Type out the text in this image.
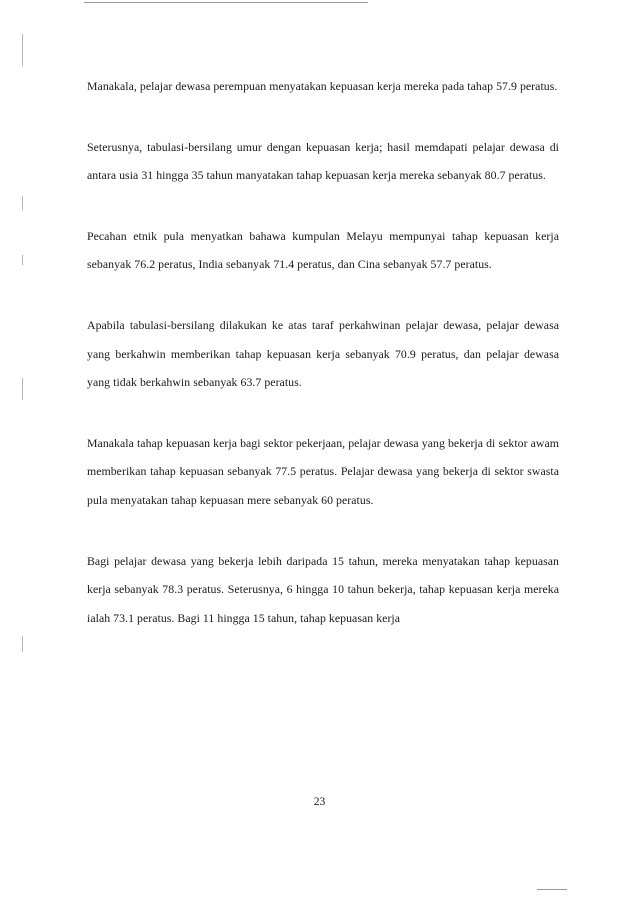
Manakala, pelajar dewasa perempuan menyatakan kepuasan kerja mereka pada tahap 57.9 peratus.

Seterusnya, tabulasi-bersilang umur dengan kepuasan kerja; hasil memdapati pelajar dewasa di antara usia 31 hingga 35 tahun manyatakan tahap kepuasan kerja mereka sebanyak 80.7 peratus.

Pecahan etnik pula menyatkan bahawa kumpulan Melayu mempunyai tahap kepuasan kerja sebanyak 76.2 peratus, India sebanyak 71.4 peratus, dan Cina sebanyak 57.7 peratus.

Apabila tabulasi-bersilang dilakukan ke atas taraf perkahwinan pelajar dewasa, pelajar dewasa yang berkahwin memberikan tahap kepuasan kerja sebanyak 70.9 peratus, dan pelajar dewasa yang tidak berkahwin sebanyak 63.7 peratus.

Manakala tahap kepuasan kerja bagi sektor pekerjaan, pelajar dewasa yang bekerja di sektor awam memberikan tahap kepuasan sebanyak 77.5 peratus. Pelajar dewasa yang bekerja di sektor swasta pula menyatakan tahap kepuasan mere sebanyak 60 peratus.

Bagi pelajar dewasa yang bekerja lebih daripada 15 tahun, mereka menyatakan tahap kepuasan kerja sebanyak 78.3 peratus. Seterusnya, 6 hingga 10 tahun bekerja, tahap kepuasan kerja mereka ialah 73.1 peratus. Bagi 11 hingga 15 tahun, tahap kepuasan kerja

23
